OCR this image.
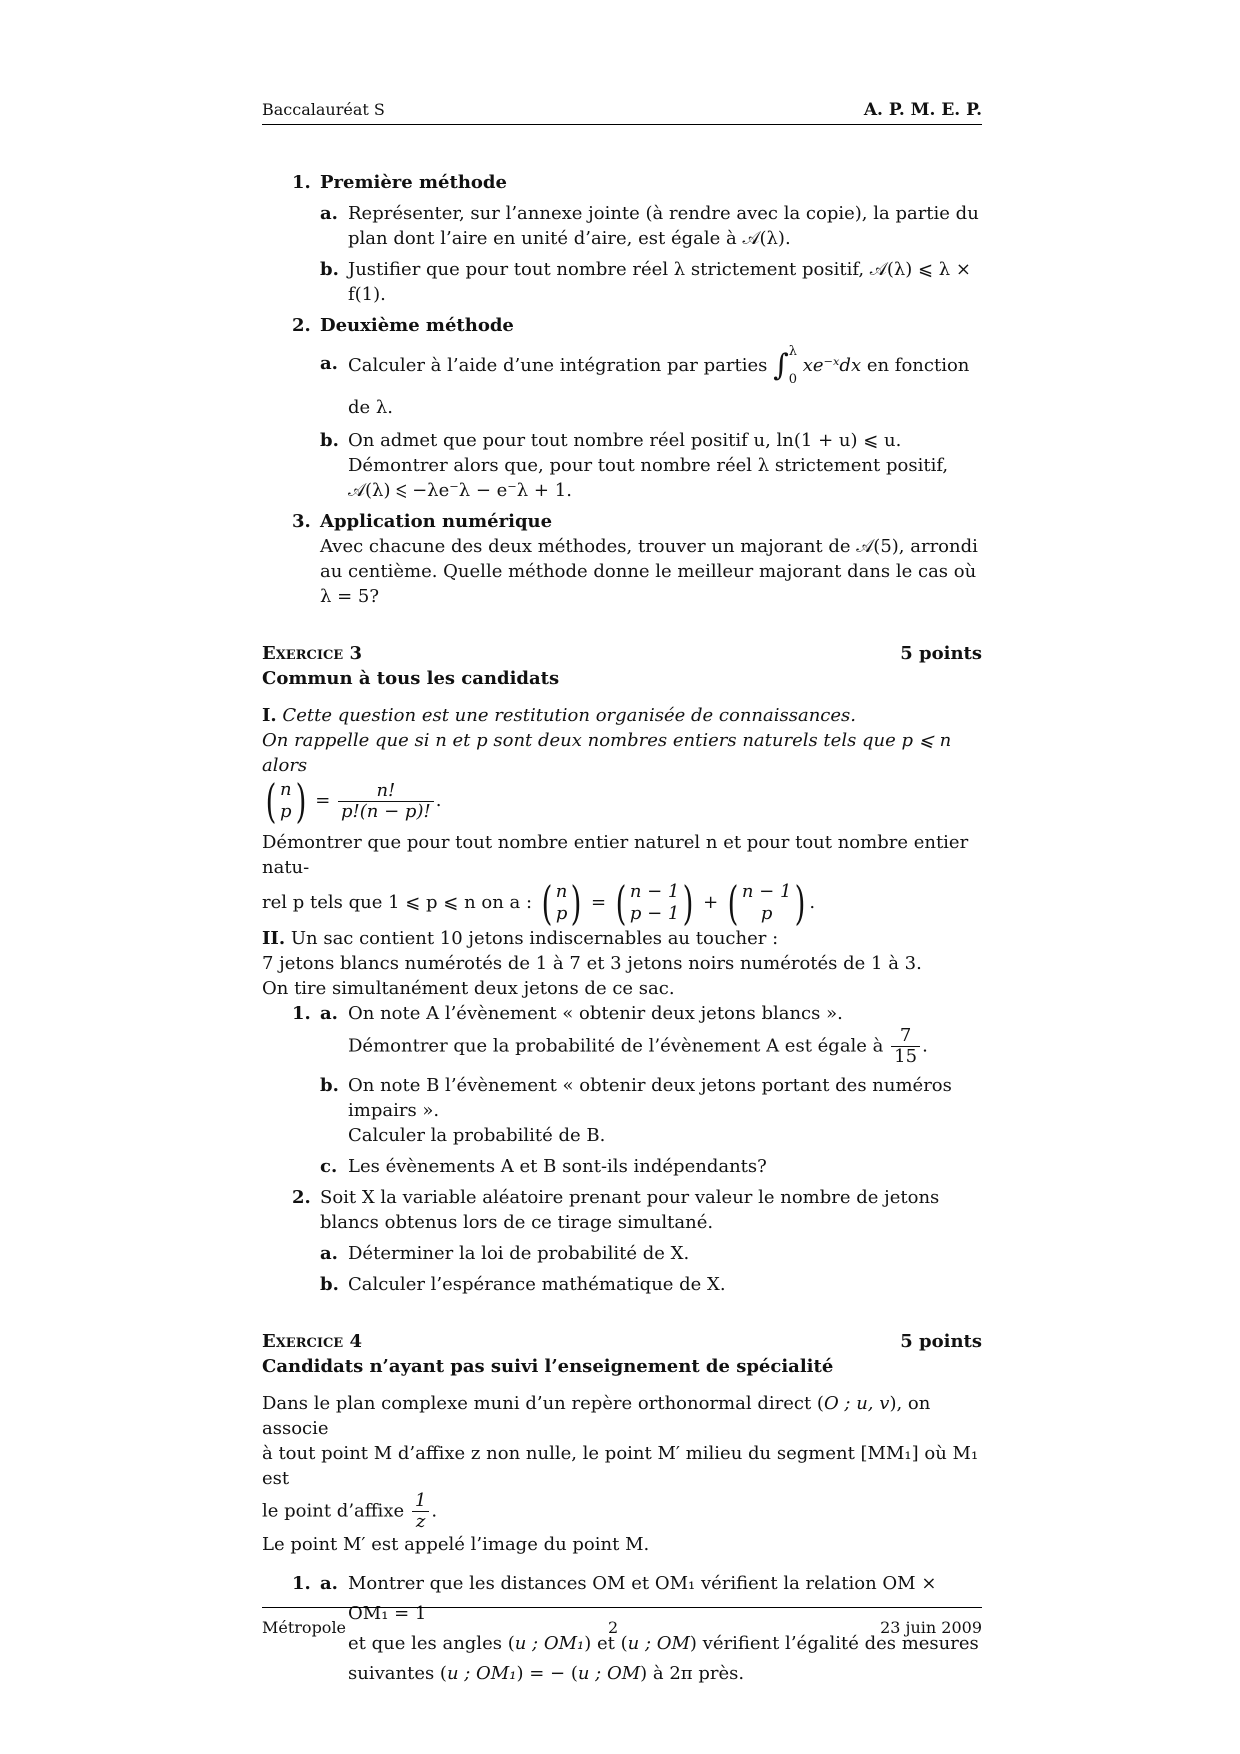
Baccalauréat S	A. P. M. E. P.
1. Première méthode
a. Représenter, sur l’annexe jointe (à rendre avec la copie), la partie du plan dont l’aire en unité d’aire, est égale à 𝒜(λ).
b. Justifier que pour tout nombre réel λ strictement positif, 𝒜(λ) ⩽ λ × f(1).
2. Deuxième méthode
a. Calculer à l’aide d’une intégration par parties ∫ λ
0
xe⁻ˣdx en fonction de λ.
b. On admet que pour tout nombre réel positif u, ln(1 + u) ⩽ u.
Démontrer alors que, pour tout nombre réel λ strictement positif,
𝒜(λ) ⩽ −λe⁻λ − e⁻λ + 1.
3. Application numérique
Avec chacune des deux méthodes, trouver un majorant de 𝒜(5), arrondi au centième. Quelle méthode donne le meilleur majorant dans le cas où λ = 5?
Exercice 3	5 points
Commun à tous les candidats
I. Cette question est une restitution organisée de connaissances.
On rappelle que si n et p sont deux nombres entiers naturels tels que p ⩽ n alors
( n
p ) = $\frac{n!}{p!(n - p)!}$ .
Démontrer que pour tout nombre entier naturel n et pour tout nombre entier natu-
rel p tels que 1 ⩽ p ⩽ n on a : ( n
p ) = ( n − 1
p − 1 ) + ( n − 1
p ) .
II. Un sac contient 10 jetons indiscernables au toucher :
7 jetons blancs numérotés de 1 à 7 et 3 jetons noirs numérotés de 1 à 3.
On tire simultanément deux jetons de ce sac.
1. a. On note A l’évènement « obtenir deux jetons blancs ».
Démontrer que la probabilité de l’évènement A est égale à $\frac{7}{15}$ .
b. On note B l’évènement « obtenir deux jetons portant des numéros impairs ».
Calculer la probabilité de B.
c. Les évènements A et B sont-ils indépendants?
2. Soit X la variable aléatoire prenant pour valeur le nombre de jetons blancs obtenus lors de ce tirage simultané.
a. Déterminer la loi de probabilité de X.
b. Calculer l’espérance mathématique de X.
Exercice 4	5 points
Candidats n’ayant pas suivi l’enseignement de spécialité
Dans le plan complexe muni d’un repère orthonormal direct (O ; u, v), on associe
à tout point M d’affixe z non nulle, le point M′ milieu du segment [MM₁] où M₁ est
le point d’affixe $\frac{1}{z}$ .
Le point M′ est appelé l’image du point M.
1. a. Montrer que les distances OM et OM₁ vérifient la relation OM × OM₁ = 1
et que les angles (u ; OM₁) et (u ; OM) vérifient l’égalité des mesures
suivantes (u ; OM₁) = − (u ; OM) à 2π près.
Métropole	2	23 juin 2009
